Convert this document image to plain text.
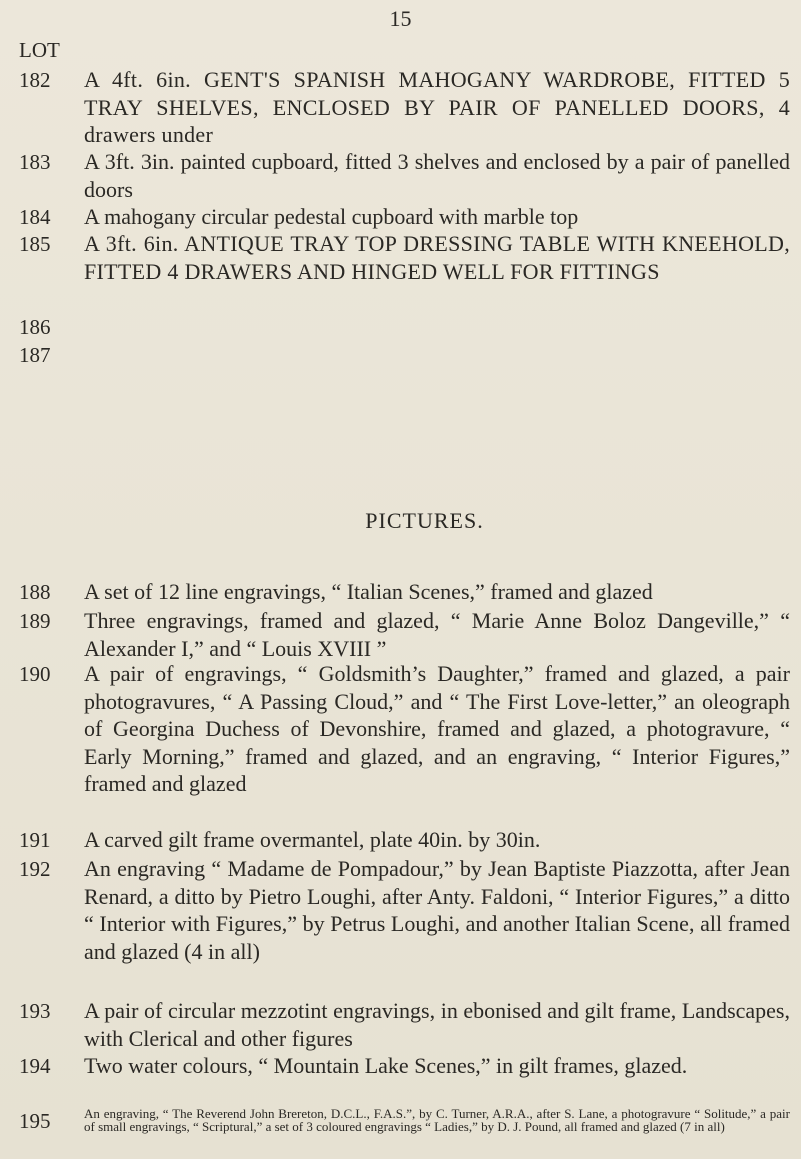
15
LOT
182 A 4ft. 6in. GENT'S SPANISH MAHOGANY WARDROBE, FITTED 5 TRAY SHELVES, ENCLOSED BY PAIR OF PANELLED DOORS, 4 drawers under
183 A 3ft. 3in. painted cupboard, fitted 3 shelves and enclosed by a pair of panelled doors
184 A mahogany circular pedestal cupboard with marble top
185 A 3ft. 6in. ANTIQUE TRAY TOP DRESSING TABLE WITH KNEEHOLD, FITTED 4 DRAWERS AND HINGED WELL FOR FITTINGS
186
187
PICTURES.
188 A set of 12 line engravings, “ Italian Scenes,” framed and glazed
189 Three engravings, framed and glazed, “ Marie Anne Boloz Dangeville,” “ Alexander I,” and “ Louis XVIII ”
190 A pair of engravings, “ Goldsmith’s Daughter,” framed and glazed, a pair photogravures, “ A Passing Cloud,” and “ The First Love-letter,” an oleograph of Georgina Duchess of Devonshire, framed and glazed, a photogravure, “ Early Morning,” framed and glazed, and an engraving, “ Interior Figures,” framed and glazed
191 A carved gilt frame overmantel, plate 40in. by 30in.
192 An engraving “ Madame de Pompadour,” by Jean Baptiste Piazzotta, after Jean Renard, a ditto by Pietro Loughi, after Anty. Faldoni, “ Interior Figures,” a ditto “ Interior with Figures,” by Petrus Loughi, and another Italian Scene, all framed and glazed (4 in all)
193 A pair of circular mezzotint engravings, in ebonised and gilt frame, Landscapes, with Clerical and other figures
194 Two water colours, “ Mountain Lake Scenes,” in gilt frames, glazed.
195	An engraving, “ The Reverend John Brereton, D.C.L., F.A.S.”, by C. Turner, A.R.A., after S. Lane, a photogravure “ Solitude,” a pair of small engravings, “ Scriptural,” a set of 3 coloured engravings “ Ladies,” by D. J. Pound, all framed and glazed (7 in all)
